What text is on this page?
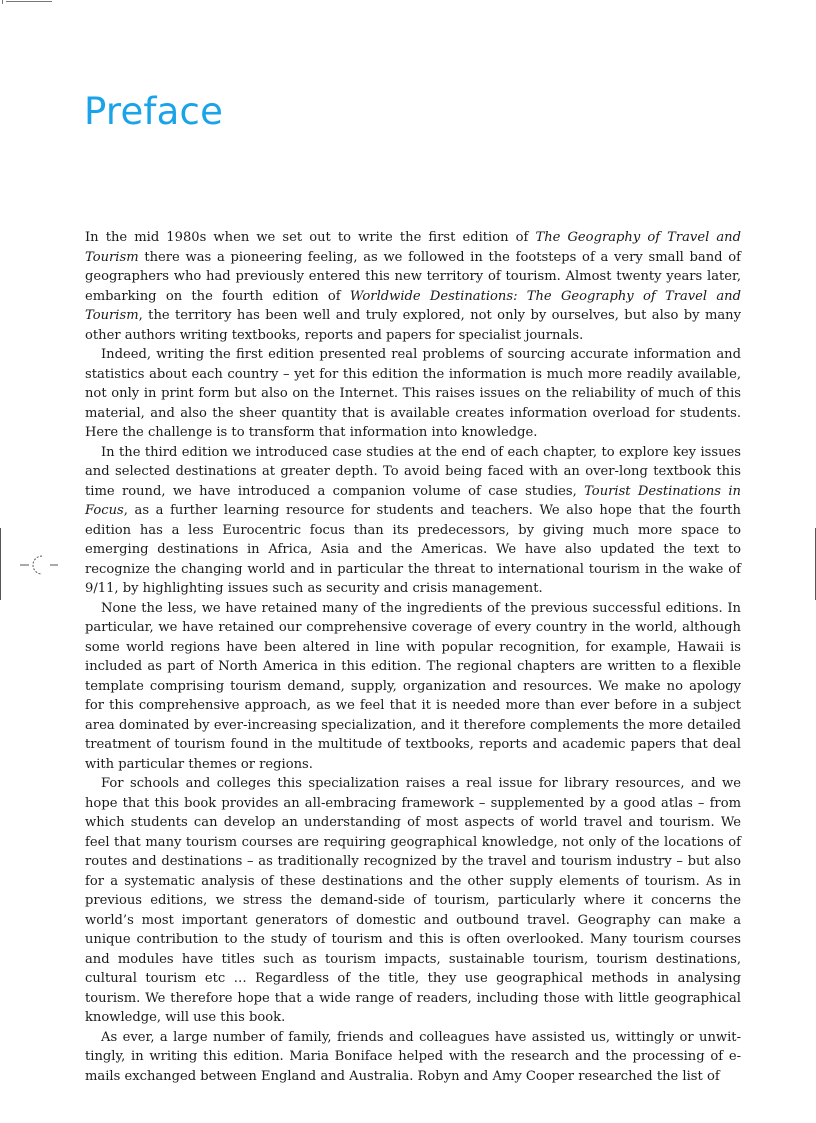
Preface

In the mid 1980s when we set out to write the first edition of The Geography of Travel and Tourism there was a pioneering feeling, as we followed in the footsteps of a very small band of geographers who had previously entered this new territory of tourism. Almost twenty years later, embarking on the fourth edition of Worldwide Destinations: The Geography of Travel and Tourism, the territory has been well and truly explored, not only by ourselves, but also by many other authors writing textbooks, reports and papers for specialist journals.

Indeed, writing the first edition presented real problems of sourcing accurate information and statistics about each country – yet for this edition the information is much more readily available, not only in print form but also on the Internet. This raises issues on the reliability of much of this material, and also the sheer quantity that is available creates information overload for students. Here the challenge is to transform that information into knowledge.

In the third edition we introduced case studies at the end of each chapter, to explore key issues and selected destinations at greater depth. To avoid being faced with an over-long textbook this time round, we have introduced a companion volume of case studies, Tourist Destinations in Focus, as a further learning resource for students and teachers. We also hope that the fourth edition has a less Eurocentric focus than its predecessors, by giving much more space to emerging destinations in Africa, Asia and the Americas. We have also updated the text to recognize the changing world and in particular the threat to international tourism in the wake of 9/11, by highlighting issues such as security and crisis management.

None the less, we have retained many of the ingredients of the previous successful editions. In particular, we have retained our comprehensive coverage of every country in the world, although some world regions have been altered in line with popular recognition, for example, Hawaii is included as part of North America in this edition. The regional chapters are written to a flexible template comprising tourism demand, supply, organization and resources. We make no apology for this comprehensive approach, as we feel that it is needed more than ever before in a subject area dominated by ever-increasing specialization, and it therefore complements the more detailed treatment of tourism found in the multitude of textbooks, reports and academic papers that deal with particular themes or regions.

For schools and colleges this specialization raises a real issue for library resources, and we hope that this book provides an all-embracing framework – supplemented by a good atlas – from which students can develop an understanding of most aspects of world travel and tourism. We feel that many tourism courses are requiring geographical knowledge, not only of the locations of routes and destinations – as traditionally recognized by the travel and tourism industry – but also for a systematic analysis of these destinations and the other supply elements of tourism. As in previous editions, we stress the demand-side of tourism, particularly where it concerns the world’s most important generators of domestic and outbound travel. Geography can make a unique contribution to the study of tourism and this is often overlooked. Many tourism courses and modules have titles such as tourism impacts, sustainable tourism, tourism destinations, cultural tourism etc … Regardless of the title, they use geographical methods in analysing tourism. We therefore hope that a wide range of readers, including those with little geographical knowledge, will use this book.

As ever, a large number of family, friends and colleagues have assisted us, wittingly or unwittingly, in writing this edition. Maria Boniface helped with the research and the processing of e-mails exchanged between England and Australia. Robyn and Amy Cooper researched the list of
